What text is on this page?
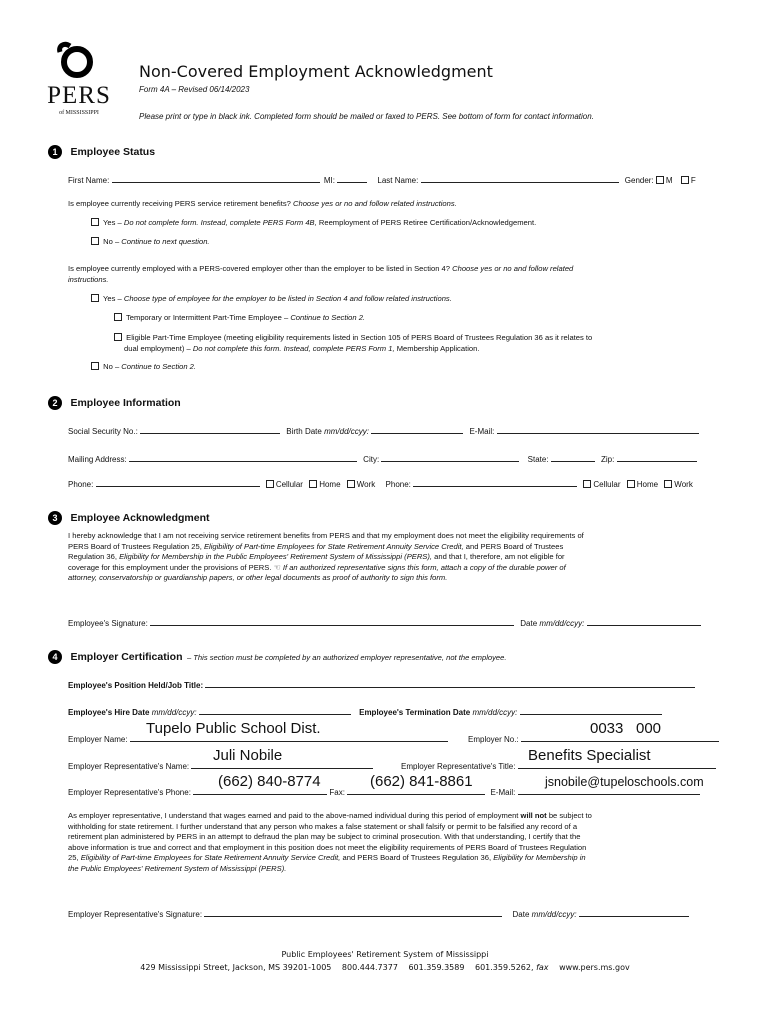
PERS
of MISSISSIPPI
Non-Covered Employment Acknowledgment
Form 4A – Revised 06/14/2023
Please print or type in black ink. Completed form should be mailed or faxed to PERS. See bottom of form for contact information.
1 Employee Status
First Name:	MI:	Last Name:	Gender: M F
Is employee currently receiving PERS service retirement benefits? Choose yes or no and follow related instructions.
Yes – Do not complete form. Instead, complete PERS Form 4B, Reemployment of PERS Retiree Certification/Acknowledgement.
No – Continue to next question.
Is employee currently employed with a PERS-covered employer other than the employer to be listed in Section 4? Choose yes or no and follow related
instructions.
Yes – Choose type of employee for the employer to be listed in Section 4 and follow related instructions.
Temporary or Intermittent Part-Time Employee – Continue to Section 2.
Eligible Part-Time Employee (meeting eligibility requirements listed in Section 105 of PERS Board of Trustees Regulation 36 as it relates to
dual employment) – Do not complete this form. Instead, complete PERS Form 1, Membership Application.
No – Continue to Section 2.
2 Employee Information
Social Security No.:	Birth Date mm/dd/ccyy:	E-Mail:
Mailing Address:	City:	State:	Zip:
Phone:	Cellular Home Work Phone:	Cellular Home Work
3 Employee Acknowledgment
I hereby acknowledge that I am not receiving service retirement benefits from PERS and that my employment does not meet the eligibility requirements of
PERS Board of Trustees Regulation 25, Eligibility of Part-time Employees for State Retirement Annuity Service Credit, and PERS Board of Trustees
Regulation 36, Eligibility for Membership in the Public Employees' Retirement System of Mississippi (PERS), and that I, therefore, am not eligible for
coverage for this employment under the provisions of PERS. ☜ If an authorized representative signs this form, attach a copy of the durable power of
attorney, conservatorship or guardianship papers, or other legal documents as proof of authority to sign this form.
Employee's Signature:	Date mm/dd/ccyy:
4 Employer Certification – This section must be completed by an authorized employer representative, not the employee.
Employee's Position Held/Job Title:
Employee's Hire Date mm/dd/ccyy:	Employee's Termination Date mm/dd/ccyy:
Employer Name:
Tupelo Public School Dist.
Employer No.:
0033 000
Employer Representative's Name:
Juli Nobile
Employer Representative's Title:
Benefits Specialist
Employer Representative's Phone:	Fax:	E-Mail:
(662) 840-8774	(662) 841-8861	jsnobile@tupeloschools.com
As employer representative, I understand that wages earned and paid to the above-named individual during this period of employment will not be subject to
withholding for state retirement. I further understand that any person who makes a false statement or shall falsify or permit to be falsified any record of a
retirement plan administered by PERS in an attempt to defraud the plan may be subject to criminal prosecution. With that understanding, I certify that the
above information is true and correct and that employment in this position does not meet the eligibility requirements of PERS Board of Trustees Regulation
25, Eligibility of Part-time Employees for State Retirement Annuity Service Credit, and PERS Board of Trustees Regulation 36, Eligibility for Membership in
the Public Employees' Retirement System of Mississippi (PERS).
Employer Representative's Signature:	Date mm/dd/ccyy:
Public Employees' Retirement System of Mississippi
429 Mississippi Street, Jackson, MS 39201-1005 800.444.7377 601.359.3589 601.359.5262, fax www.pers.ms.gov
